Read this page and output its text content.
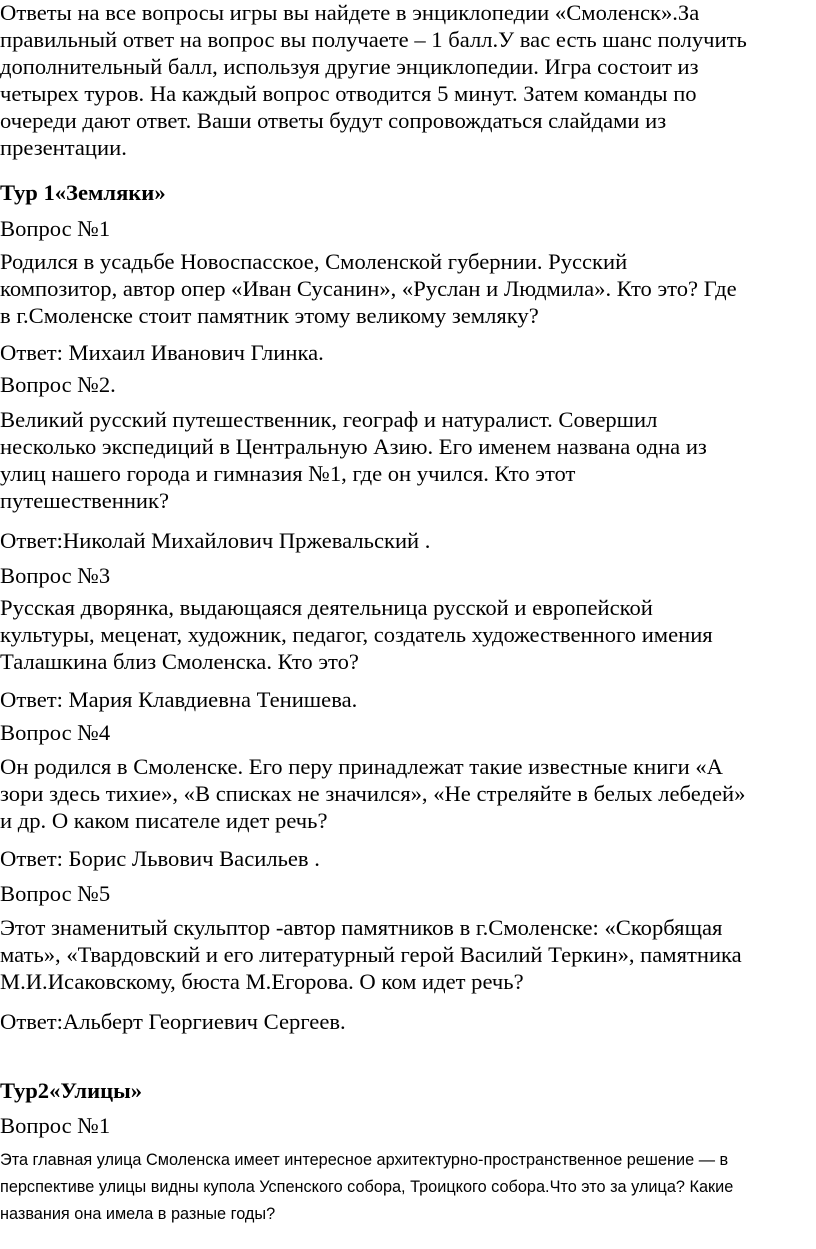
Ответы на все вопросы игры вы найдете в энциклопедии «Смоленск».За
правильный ответ на вопрос вы получаете – 1 балл.У вас есть шанс получить
дополнительный балл, используя другие энциклопедии. Игра состоит из
четырех туров. На каждый вопрос отводится 5 минут. Затем команды по
очереди дают ответ. Ваши ответы будут сопровождаться слайдами из
презентации.
Тур 1«Земляки»
Вопрос №1
Родился в усадьбе Новоспасское, Смоленской губернии. Русский
композитор, автор опер «Иван Сусанин», «Руслан и Людмила». Кто это? Где
в г.Смоленске стоит памятник этому великому земляку?
Ответ: Михаил Иванович Глинка.
Вопрос №2.
Великий русский путешественник, географ и натуралист. Совершил
несколько экспедиций в Центральную Азию. Его именем названа одна из
улиц нашего города и гимназия №1, где он учился. Кто этот
путешественник?
Ответ:Николай Михайлович Пржевальский .
Вопрос №3
Русская дворянка, выдающаяся деятельница русской и европейской
культуры, меценат, художник, педагог, создатель художественного имения
Талашкина близ Смоленска. Кто это?
Ответ: Мария Клавдиевна Тенишева.
Вопрос №4
Он родился в Смоленске. Его перу принадлежат такие известные книги «А
зори здесь тихие», «В списках не значился», «Не стреляйте в белых лебедей»
и др. О каком писателе идет речь?
Ответ: Борис Львович Васильев .
Вопрос №5
Этот знаменитый скульптор -автор памятников в г.Смоленске: «Скорбящая
мать», «Твардовский и его литературный герой Василий Теркин», памятника
М.И.Исаковскому, бюста М.Егорова. О ком идет речь?
Ответ:Альберт Георгиевич Сергеев.
Тур2«Улицы»
Вопрос №1
Эта главная улица Смоленска имеет интересное архитектурно-пространственное решение — в
перспективе улицы видны купола Успенского собора, Троицкого собора.Что это за улица? Какие
названия она имела в разные годы?
